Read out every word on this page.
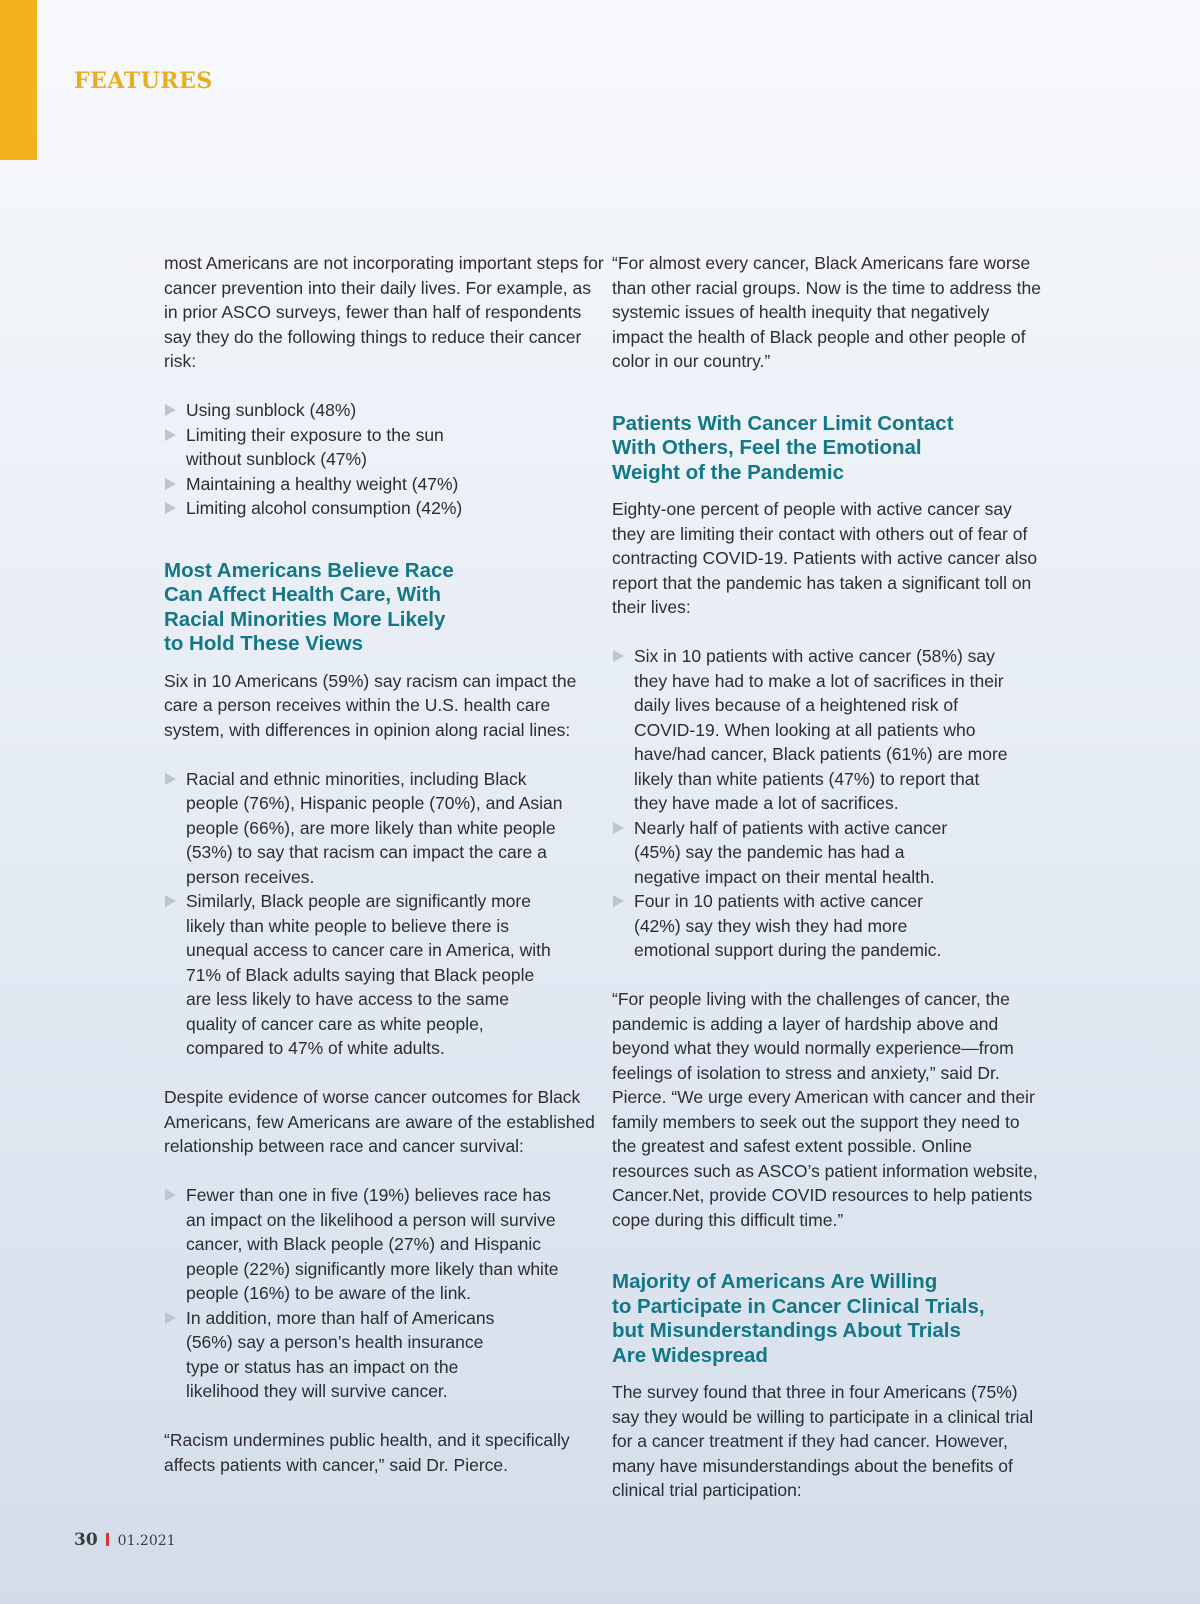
FEATURES

most Americans are not incorporating important steps for cancer prevention into their daily lives. For example, as in prior ASCO surveys, fewer than half of respondents say they do the following things to reduce their cancer risk:

Using sunblock (48%)
Limiting their exposure to the sun without sunblock (47%)
Maintaining a healthy weight (47%)
Limiting alcohol consumption (42%)
Most Americans Believe Race
Can Affect Health Care, With
Racial Minorities More Likely
to Hold These Views

Six in 10 Americans (59%) say racism can impact the care a person receives within the U.S. health care system, with differences in opinion along racial lines:

Racial and ethnic minorities, including Black people (76%), Hispanic people (70%), and Asian people (66%), are more likely than white people (53%) to say that racism can impact the care a person receives.
Similarly, Black people are significantly more likely than white people to believe there is unequal access to cancer care in America, with 71% of Black adults saying that Black people are less likely to have access to the same quality of cancer care as white people, compared to 47% of white adults.

Despite evidence of worse cancer outcomes for Black Americans, few Americans are aware of the established relationship between race and cancer survival:

Fewer than one in five (19%) believes race has an impact on the likelihood a person will survive cancer, with Black people (27%) and Hispanic people (22%) significantly more likely than white people (16%) to be aware of the link.
In addition, more than half of Americans (56%) say a person’s health insurance type or status has an impact on the likelihood they will survive cancer.

“Racism undermines public health, and it specifically affects patients with cancer,” said Dr. Pierce.

“For almost every cancer, Black Americans fare worse than other racial groups. Now is the time to address the systemic issues of health inequity that negatively impact the health of Black people and other people of color in our country.”

Patients With Cancer Limit Contact
With Others, Feel the Emotional
Weight of the Pandemic

Eighty-one percent of people with active cancer say they are limiting their contact with others out of fear of contracting COVID-19. Patients with active cancer also report that the pandemic has taken a significant toll on their lives:

Six in 10 patients with active cancer (58%) say they have had to make a lot of sacrifices in their daily lives because of a heightened risk of COVID-19. When looking at all patients who have/had cancer, Black patients (61%) are more likely than white patients (47%) to report that they have made a lot of sacrifices.
Nearly half of patients with active cancer (45%) say the pandemic has had a negative impact on their mental health.
Four in 10 patients with active cancer (42%) say they wish they had more emotional support during the pandemic.

“For people living with the challenges of cancer, the pandemic is adding a layer of hardship above and beyond what they would normally experience—from feelings of isolation to stress and anxiety,” said Dr. Pierce. “We urge every American with cancer and their family members to seek out the support they need to the greatest and safest extent possible. Online resources such as ASCO’s patient information website, Cancer.Net, provide COVID resources to help patients cope during this difficult time.”

Majority of Americans Are Willing
to Participate in Cancer Clinical Trials,
but Misunderstandings About Trials
Are Widespread

The survey found that three in four Americans (75%) say they would be willing to participate in a clinical trial for a cancer treatment if they had cancer. However, many have misunderstandings about the benefits of clinical trial participation:

30 01.2021
